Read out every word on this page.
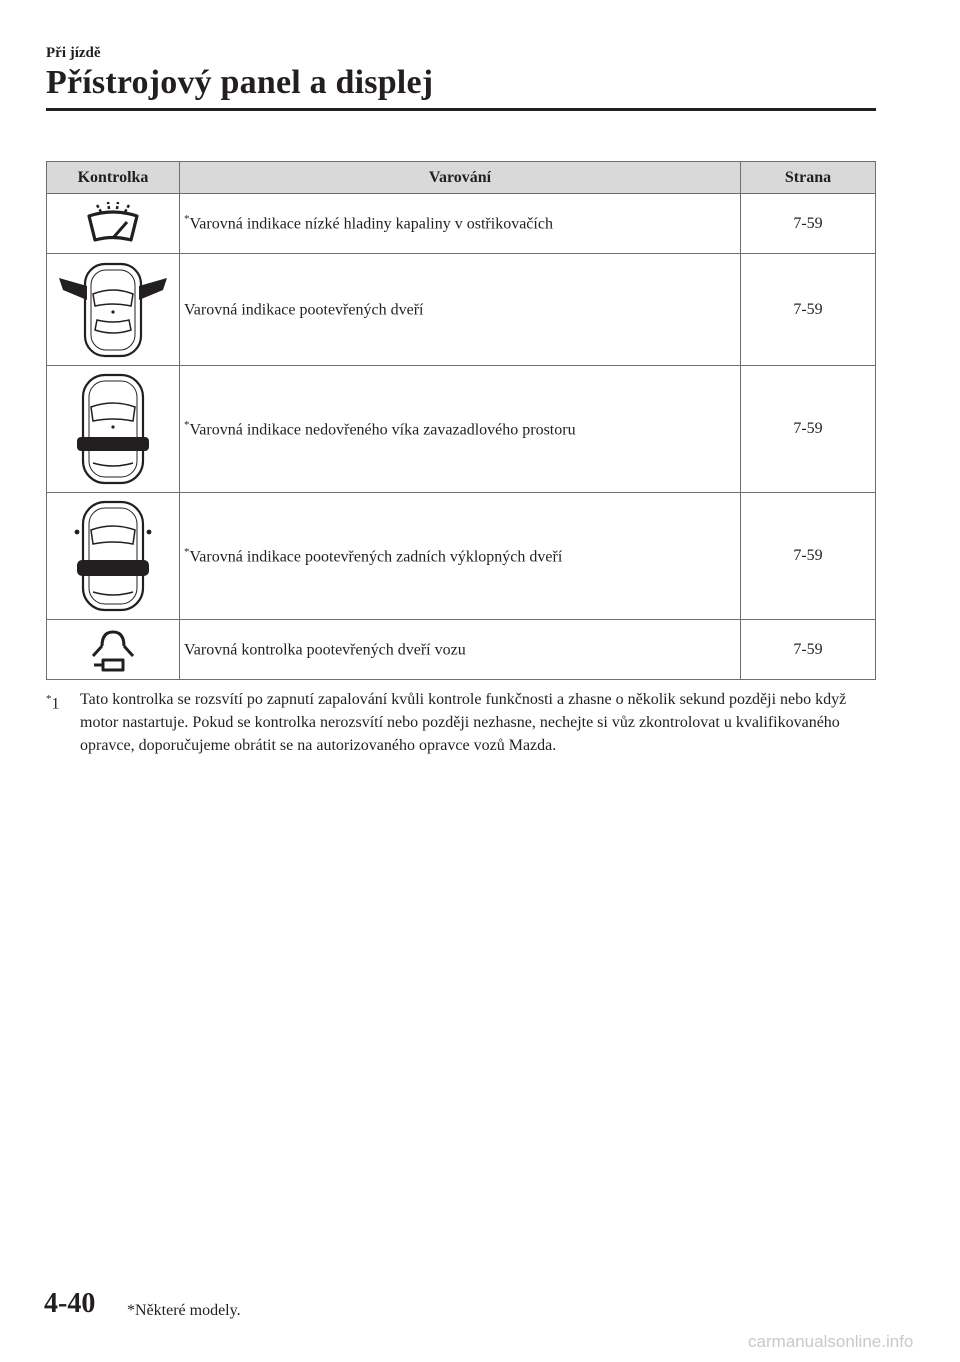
Při jízdě
Přístrojový panel a displej
Kontrolka	Varování	Strana

	*Varovná indikace nízké hladiny kapaliny v ostřikovačích	7-59

	Varovná indikace pootevřených dveří	7-59

	*Varovná indikace nedovřeného víka zavazadlového prostoru	7-59

	*Varovná indikace pootevřených zadních výklopných dveří	7-59

	Varovná kontrolka pootevřených dveří vozu	7-59
*1 Tato kontrolka se rozsvítí po zapnutí zapalování kvůli kontrole funkčnosti a zhasne o několik sekund později nebo když motor nastartuje. Pokud se kontrolka nerozsvítí nebo později nezhasne, nechejte si vůz zkontrolovat u kvalifikovaného opravce, doporučujeme obrátit se na autorizovaného opravce vozů Mazda.
4-40 *Některé modely.
carmanualsonline.info
